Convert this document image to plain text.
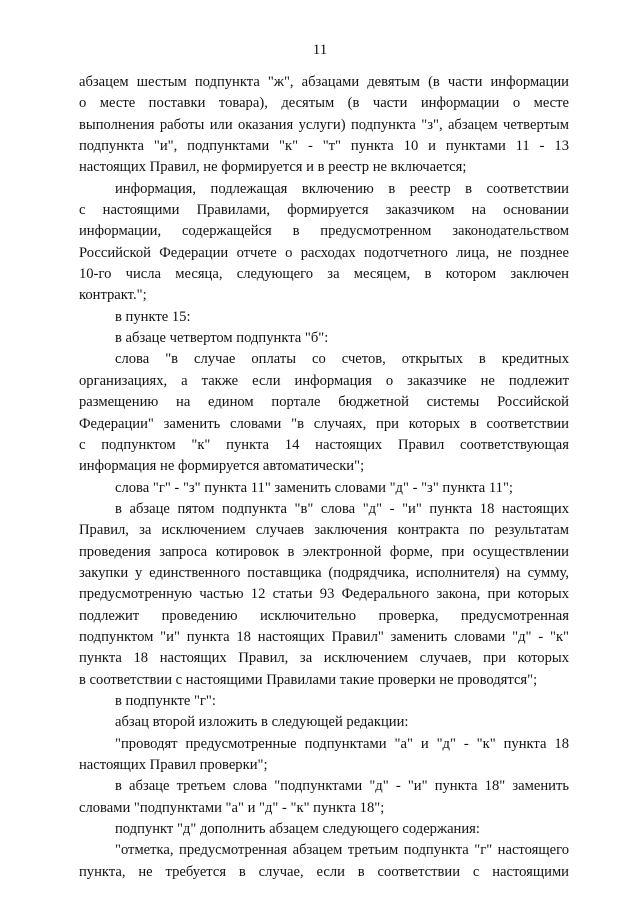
11

абзацем шестым подпункта "ж", абзацами девятым (в части информации

о месте поставки товара), десятым (в части информации о месте

выполнения работы или оказания услуги) подпункта "з", абзацем четвертым

подпункта "и", подпунктами "к" - "т" пункта 10 и пунктами 11 - 13

настоящих Правил, не формируется и в реестр не включается;

информация, подлежащая включению в реестр в соответствии

с настоящими Правилами, формируется заказчиком на основании

информации, содержащейся в предусмотренном законодательством

Российской Федерации отчете о расходах подотчетного лица, не позднее

10-го числа месяца, следующего за месяцем, в котором заключен

контракт.";

в пункте 15:

в абзаце четвертом подпункта "б":

слова "в случае оплаты со счетов, открытых в кредитных

организациях, а также если информация о заказчике не подлежит

размещению на едином портале бюджетной системы Российской

Федерации" заменить словами "в случаях, при которых в соответствии

с подпунктом "к" пункта 14 настоящих Правил соответствующая

информация не формируется автоматически";

слова "г" - "з" пункта 11" заменить словами "д" - "з" пункта 11";

в абзаце пятом подпункта "в" слова "д" - "и" пункта 18 настоящих

Правил, за исключением случаев заключения контракта по результатам

проведения запроса котировок в электронной форме, при осуществлении

закупки у единственного поставщика (подрядчика, исполнителя) на сумму,

предусмотренную частью 12 статьи 93 Федерального закона, при которых

подлежит проведению исключительно проверка, предусмотренная

подпунктом "и" пункта 18 настоящих Правил" заменить словами "д" - "к"

пункта 18 настоящих Правил, за исключением случаев, при которых

в соответствии с настоящими Правилами такие проверки не проводятся";

в подпункте "г":

абзац второй изложить в следующей редакции:

"проводят предусмотренные подпунктами "а" и "д" - "к" пункта 18

настоящих Правил проверки";

в абзаце третьем слова "подпунктами "д" - "и" пункта 18" заменить

словами "подпунктами "а" и "д" - "к" пункта 18";

подпункт "д" дополнить абзацем следующего содержания:

"отметка, предусмотренная абзацем третьим подпункта "г" настоящего

пункта, не требуется в случае, если в соответствии с настоящими
